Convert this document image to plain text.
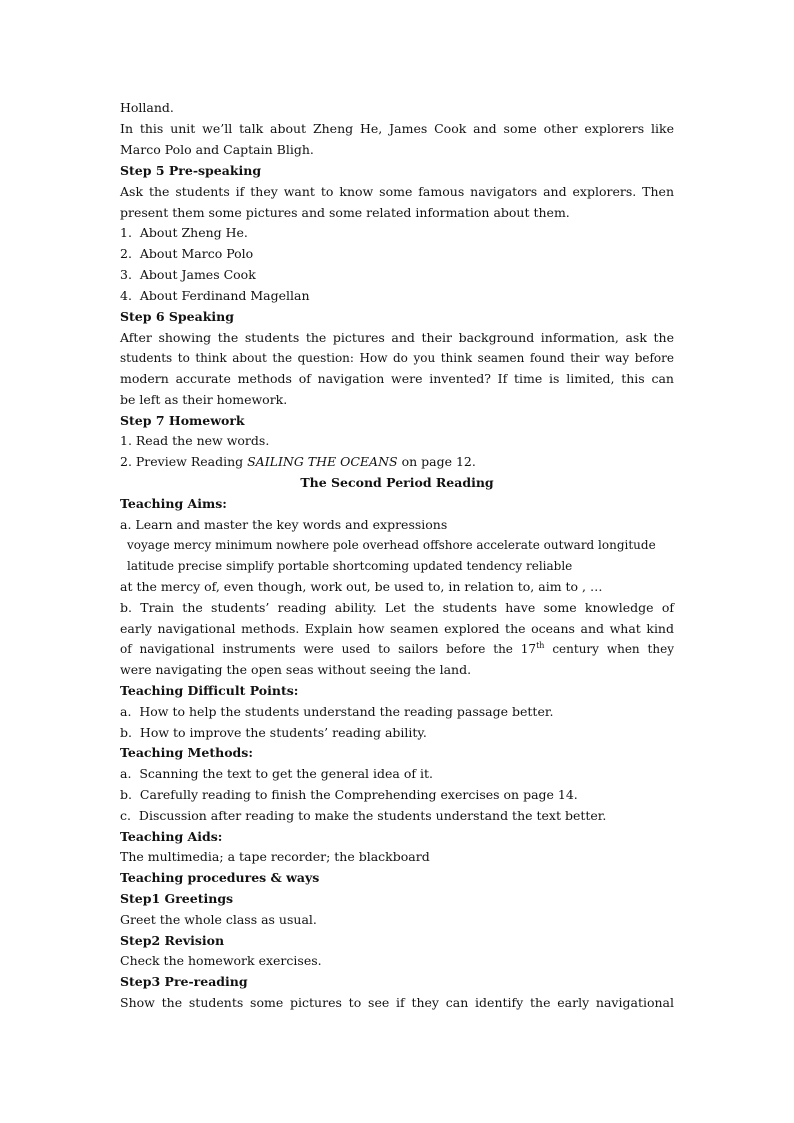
Holland.
In this unit we’ll talk about Zheng He, James Cook and some other explorers like
Marco Polo and Captain Bligh.
Step 5 Pre-speaking
Ask the students if they want to know some famous navigators and explorers. Then
present them some pictures and some related information about them.
1.  About Zheng He.
2.  About Marco Polo
3.  About James Cook
4.  About Ferdinand Magellan
Step 6 Speaking
After showing the students the pictures and their background information, ask the
students to think about the question: How do you think seamen found their way before
modern accurate methods of navigation were invented? If time is limited, this can
be left as their homework.
Step 7 Homework
1. Read the new words.
2. Preview Reading SAILING THE OCEANS on page 12.
The Second Period Reading
Teaching Aims:
a. Learn and master the key words and expressions
voyage mercy minimum nowhere pole overhead offshore accelerate outward longitude
latitude precise simplify portable shortcoming updated tendency reliable
at the mercy of, even though, work out, be used to, in relation to, aim to , …
b. Train the students’ reading ability. Let the students have some knowledge of
early navigational methods. Explain how seamen explored the oceans and what kind
of navigational instruments were used to sailors before the 17th century when they
were navigating the open seas without seeing the land.
Teaching Difficult Points:
a.  How to help the students understand the reading passage better.
b.  How to improve the students’ reading ability.
Teaching Methods:
a.  Scanning the text to get the general idea of it.
b.  Carefully reading to finish the Comprehending exercises on page 14.
c.  Discussion after reading to make the students understand the text better.
Teaching Aids:
The multimedia; a tape recorder; the blackboard
Teaching procedures & ways
Step1 Greetings
Greet the whole class as usual.
Step2 Revision
Check the homework exercises.
Step3 Pre-reading
Show the students some pictures to see if they can identify the early navigational
